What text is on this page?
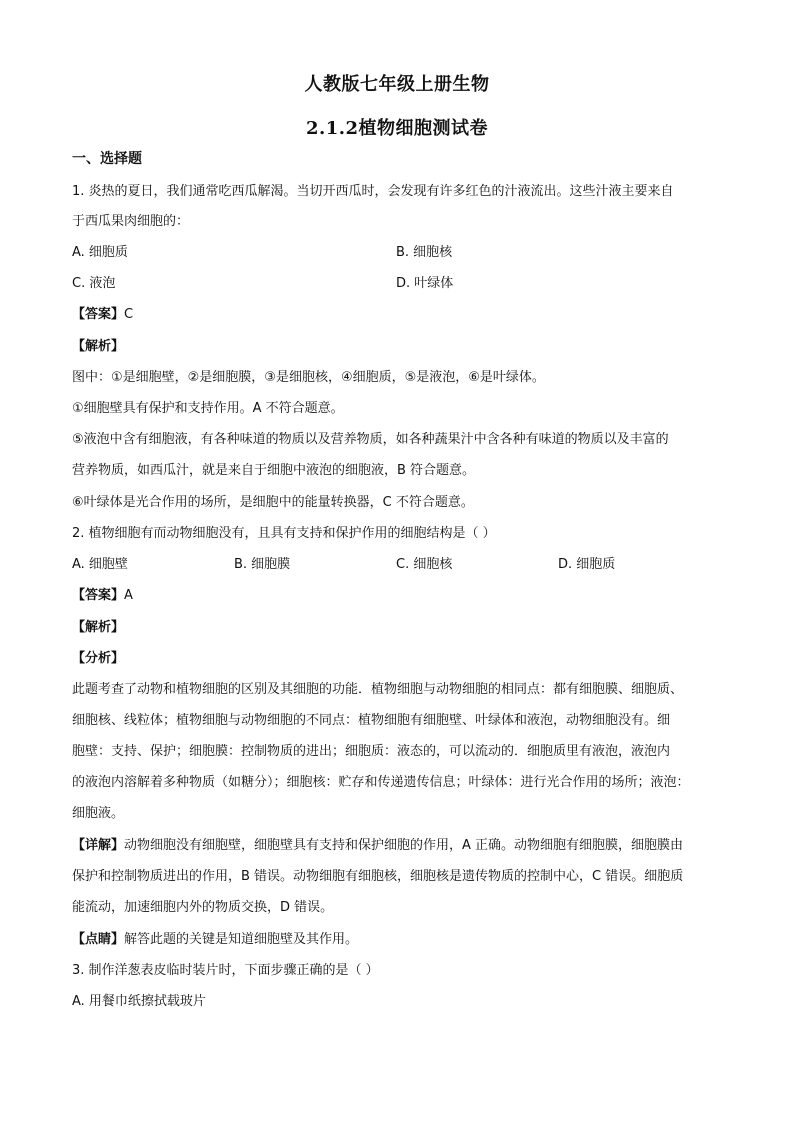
人教版七年级上册生物
2.1.2植物细胞测试卷
一、选择题
1. 炎热的夏日，我们通常吃西瓜解渴。当切开西瓜时，会发现有许多红色的汁液流出。这些汁液主要来自
于西瓜果肉细胞的：
A. 细胞质	B. 细胞核
C. 液泡	D. 叶绿体
【答案】C
【解析】
图中：①是细胞壁，②是细胞膜，③是细胞核，④细胞质，⑤是液泡，⑥是叶绿体。
①细胞壁具有保护和支持作用。A 不符合题意。
⑤液泡中含有细胞液，有各种味道的物质以及营养物质，如各种蔬果汁中含各种有味道的物质以及丰富的
营养物质，如西瓜汁，就是来自于细胞中液泡的细胞液，B 符合题意。
⑥叶绿体是光合作用的场所，是细胞中的能量转换器，C 不符合题意。
2. 植物细胞有而动物细胞没有，且具有支持和保护作用的细胞结构是（ ）
A. 细胞壁	B. 细胞膜	C. 细胞核	D. 细胞质
【答案】A
【解析】
【分析】
此题考查了动物和植物细胞的区别及其细胞的功能．植物细胞与动物细胞的相同点：都有细胞膜、细胞质、
细胞核、线粒体；植物细胞与动物细胞的不同点：植物细胞有细胞壁、叶绿体和液泡，动物细胞没有。细
胞壁：支持、保护；细胞膜：控制物质的进出；细胞质：液态的，可以流动的．细胞质里有液泡，液泡内
的液泡内溶解着多种物质（如糖分）；细胞核：贮存和传递遗传信息；叶绿体：进行光合作用的场所；液泡：
细胞液。
【详解】动物细胞没有细胞壁，细胞壁具有支持和保护细胞的作用，A 正确。动物细胞有细胞膜，细胞膜由
保护和控制物质进出的作用，B 错误。动物细胞有细胞核，细胞核是遗传物质的控制中心，C 错误。细胞质
能流动，加速细胞内外的物质交换，D 错误。
【点睛】解答此题的关键是知道细胞壁及其作用。
3. 制作洋葱表皮临时装片时，下面步骤正确的是（ ）
A. 用餐巾纸擦拭载玻片
